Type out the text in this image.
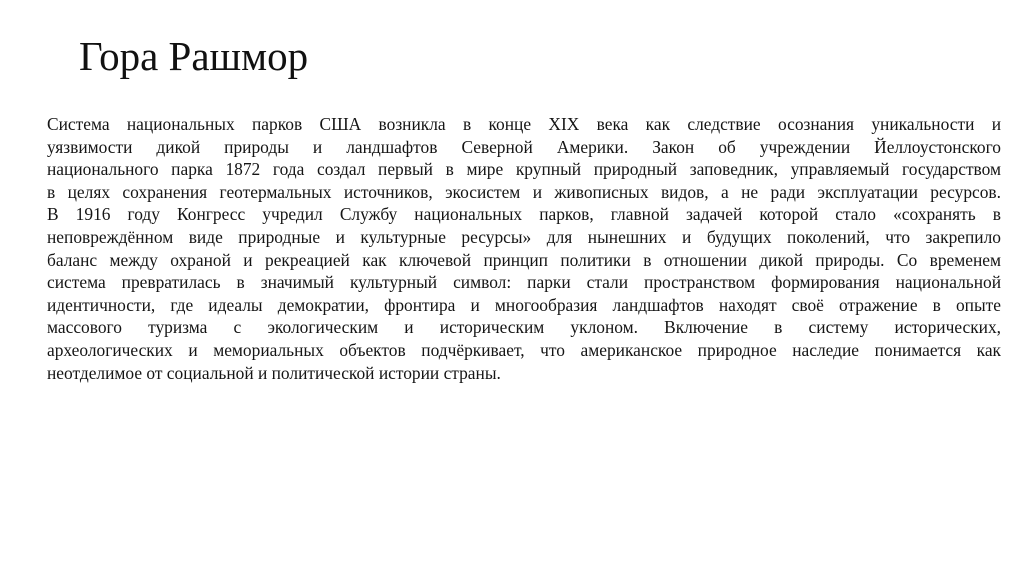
Гора Рашмор
Система национальных парков США возникла в конце XIX века как следствие осознания уникальности и
уязвимости дикой природы и ландшафтов Северной Америки. Закон об учреждении Йеллоустонского
национального парка 1872 года создал первый в мире крупный природный заповедник, управляемый государством
в целях сохранения геотермальных источников, экосистем и живописных видов, а не ради эксплуатации ресурсов.
В 1916 году Конгресс учредил Службу национальных парков, главной задачей которой стало «сохранять в
неповреждённом виде природные и культурные ресурсы» для нынешних и будущих поколений, что закрепило
баланс между охраной и рекреацией как ключевой принцип политики в отношении дикой природы. Со временем
система превратилась в значимый культурный символ: парки стали пространством формирования национальной
идентичности, где идеалы демократии, фронтира и многообразия ландшафтов находят своё отражение в опыте
массового туризма с экологическим и историческим уклоном. Включение в систему исторических,
археологических и мемориальных объектов подчёркивает, что американское природное наследие понимается как
неотделимое от социальной и политической истории страны.
